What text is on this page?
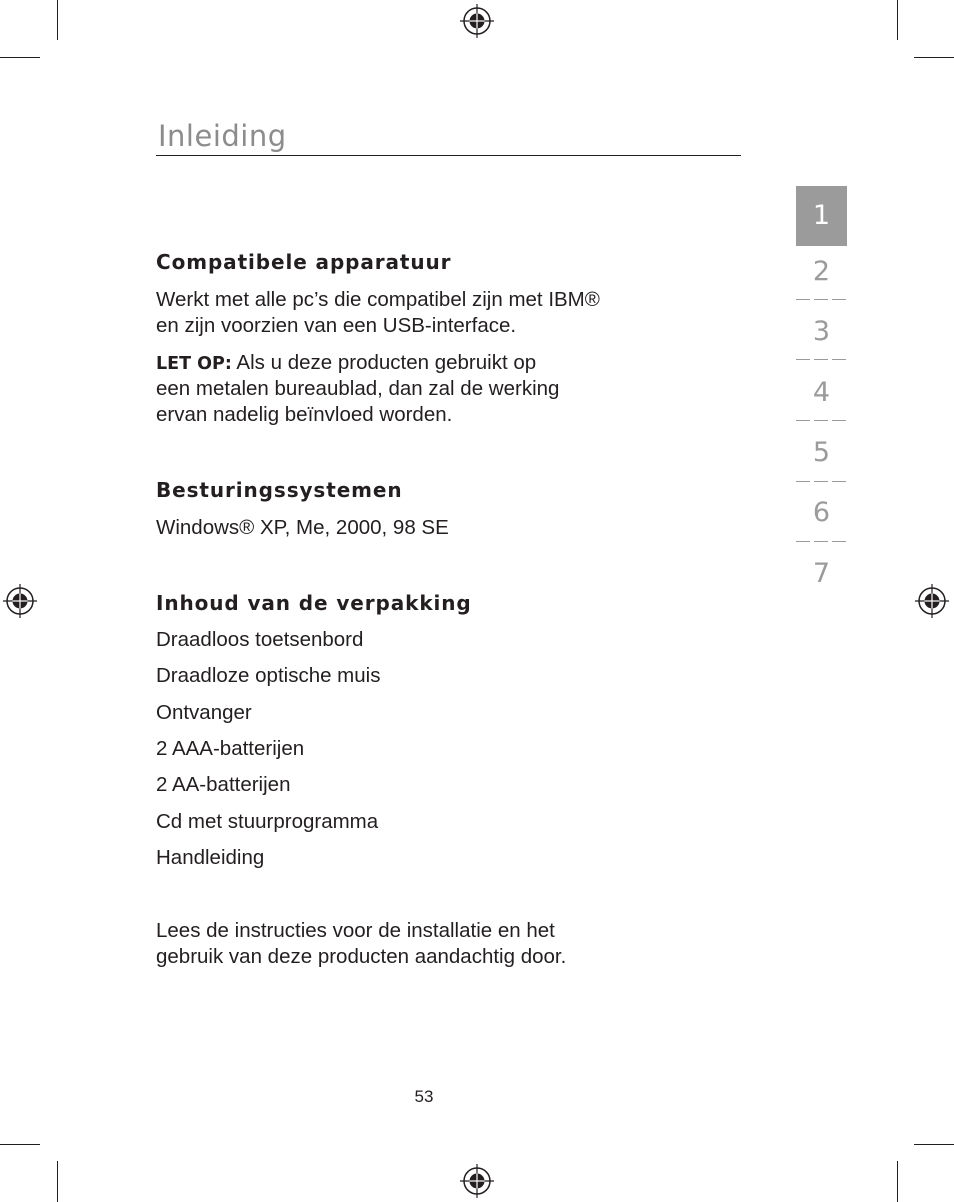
Inleiding
Compatibele apparatuur
Werkt met alle pc’s die compatibel zijn met IBM®
en zijn voorzien van een USB-interface.
LET OP: Als u deze producten gebruikt op
een metalen bureaublad, dan zal de werking
ervan nadelig beïnvloed worden.
Besturingssystemen
Windows® XP, Me, 2000, 98 SE
Inhoud van de verpakking
Draadloos toetsenbord
Draadloze optische muis
Ontvanger
2 AAA-batterijen
2 AA-batterijen
Cd met stuurprogramma
Handleiding
Lees de instructies voor de installatie en het
gebruik van deze producten aandachtig door.
1
2
3
4
5
6
7
53
